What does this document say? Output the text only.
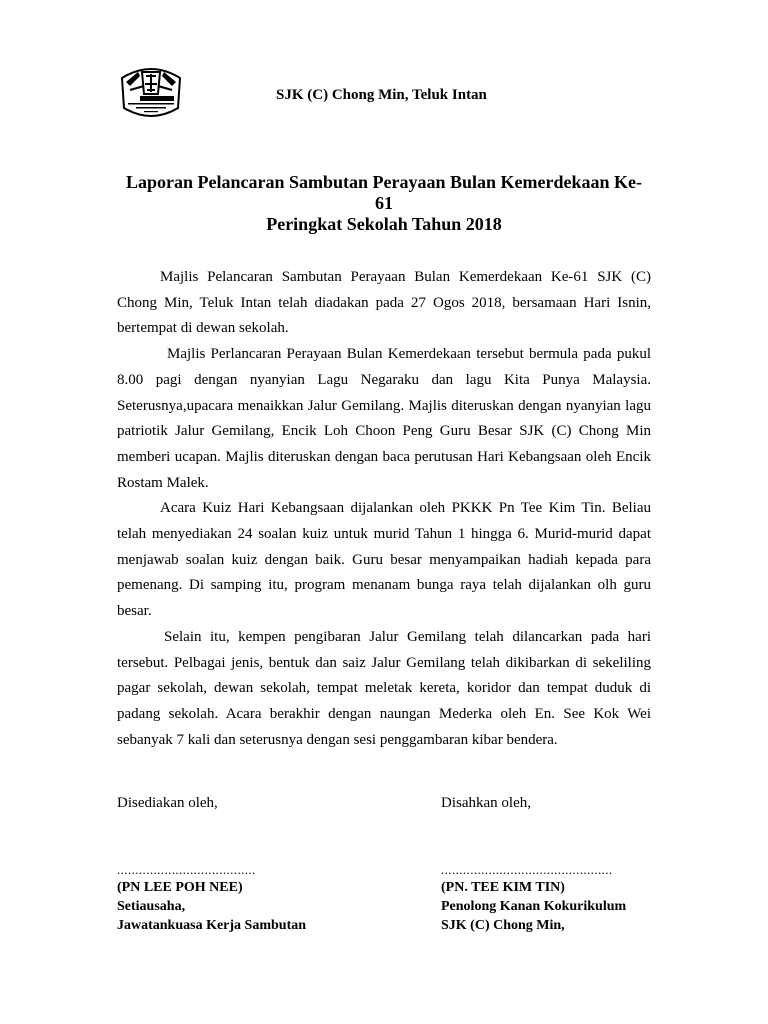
SJK (C) Chong Min, Teluk Intan
Laporan Pelancaran Sambutan Perayaan Bulan Kemerdekaan Ke-
61
Peringkat Sekolah Tahun 2018

Majlis Pelancaran Sambutan Perayaan Bulan Kemerdekaan Ke-61 SJK (C) Chong Min, Teluk Intan telah diadakan pada 27 Ogos 2018, bersamaan Hari Isnin, bertempat di dewan sekolah.

Majlis Perlancaran Perayaan Bulan Kemerdekaan tersebut bermula pada pukul 8.00 pagi dengan nyanyian Lagu Negaraku dan lagu Kita Punya Malaysia. Seterusnya,upacara menaikkan Jalur Gemilang. Majlis diteruskan dengan nyanyian lagu patriotik Jalur Gemilang, Encik Loh Choon Peng Guru Besar SJK (C) Chong Min memberi ucapan. Majlis diteruskan dengan baca perutusan Hari Kebangsaan oleh Encik Rostam Malek.

Acara Kuiz Hari Kebangsaan dijalankan oleh PKKK Pn Tee Kim Tin. Beliau telah menyediakan 24 soalan kuiz untuk murid Tahun 1 hingga 6. Murid-murid dapat menjawab soalan kuiz dengan baik. Guru besar menyampaikan hadiah kepada para pemenang. Di samping itu, program menanam bunga raya telah dijalankan olh guru besar.

Selain itu, kempen pengibaran Jalur Gemilang telah dilancarkan pada hari tersebut. Pelbagai jenis, bentuk dan saiz Jalur Gemilang telah dikibarkan di sekeliling pagar sekolah, dewan sekolah, tempat meletak kereta, koridor dan tempat duduk di padang sekolah. Acara berakhir dengan naungan Mederka oleh En. See Kok Wei sebanyak 7 kali dan seterusnya dengan sesi penggambaran kibar bendera.

Disediakan oleh,	Disahkan oleh,
......................................	...............................................
(PN LEE POH NEE)
Setiausaha,
Jawatankuasa Kerja Sambutan
(PN. TEE KIM TIN)
Penolong Kanan Kokurikulum
SJK (C) Chong Min,
